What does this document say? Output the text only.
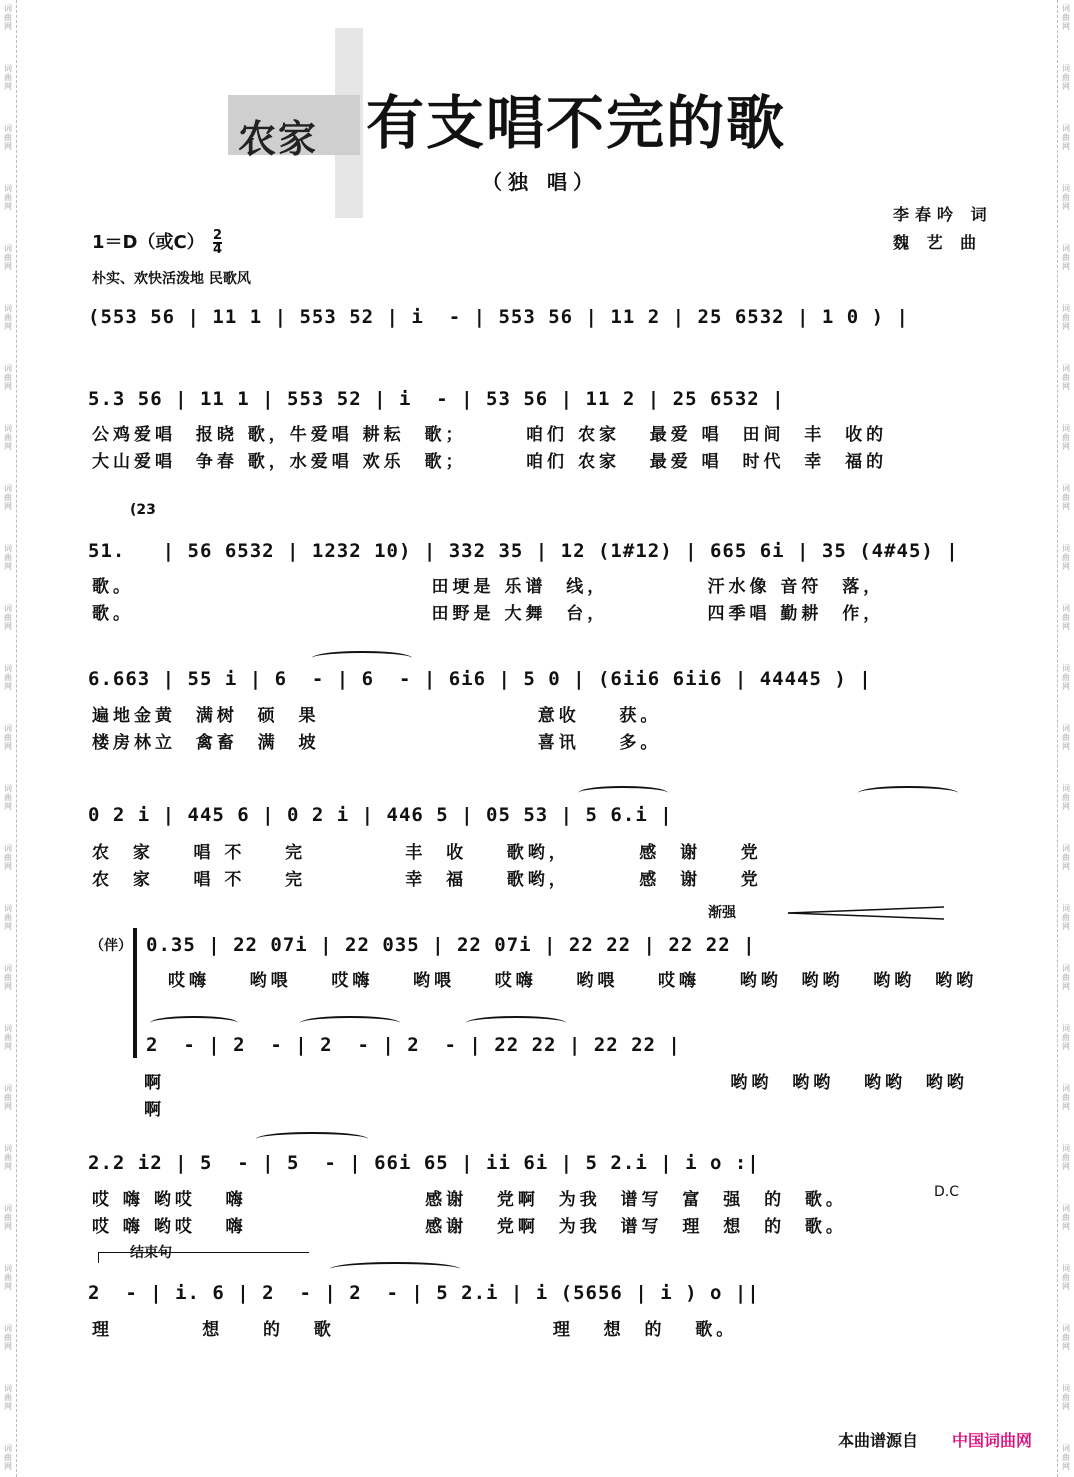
词
曲
网
词
曲
网
词
曲
网
词
曲
网
词
曲
网
词
曲
网
词
曲
网
词
曲
网
词
曲
网
词
曲
网
词
曲
网
词
曲
网
词
曲
网
词
曲
网
词
曲
网
词
曲
网
词
曲
网
词
曲
网
词
曲
网
词
曲
网
词
曲
网
词
曲
网
词
曲
网
词
曲
网
词
曲
网
词
曲
网
词
曲
网
词
曲
网
词
曲
网
词
曲
网
词
曲
网
词
曲
网
词
曲
网
词
曲
网
词
曲
网
词
曲
网
词
曲
网
词
曲
网
词
曲
网
词
曲
网
词
曲
网
词
曲
网
词
曲
网
词
曲
网
词
曲
网
词
曲
网
词
曲
网
词
曲
网
词
曲
网
词
曲
网
农家 有支唱不完的歌
（独 唱）
李春吟 词
魏 艺 曲
1＝D（或$C) \frac{2}{4}$
朴实、欢快活泼地 民歌风
(553 56 | 11 1 | 553 52 | i  - | 553 56 | 11 2 | 25 6532 | 1 0 ) |
5.3 56 | 11 1 | 553 52 | i  - | 53 56 | 11 2 | 25 6532 |
公鸡爱唱  报晓 歌，牛爱唱 耕耘  歌；      咱们 农家   最爱 唱  田间  丰  收的
大山爱唱  争春 歌，水爱唱 欢乐  歌；      咱们 农家   最爱 唱  时代  幸  福的
(23
51.   | 56 6532 | 1232 10) | 332 35 | 12 (1#12) | 665 6i | 35 (4#45) |
歌。                              田埂是 乐谱  线，          汗水像 音符  落，
歌。                              田野是 大舞  台，          四季唱 勤耕  作，
6.663 | 55 i | 6  - | 6  - | 6i6 | 5 0 | (6ii6 6ii6 | 44445 ) |
遍地金黄  满树  硕  果                      意收    获。
楼房林立  禽畜  满  坡                      喜讯    多。
0 2 i | 445 6 | 0 2 i | 446 5 | 05 53 | 5 6.i |
农  家    唱 不    完          丰  收    歌哟，       感  谢    党
农  家    唱 不    完          幸  福    歌哟，       感  谢    党
渐强
（伴） 0.35 | 22 07i | 22 035 | 22 07i | 22 22 | 22 22 |
哎嗨    哟喂    哎嗨    哟喂    哎嗨    哟喂    哎嗨    哟哟  哟哟   哟哟  哟哟
2  - | 2  - | 2  - | 2  - | 22 22 | 22 22 |
啊                                                         哟哟  哟哟   哟哟  哟哟
啊
2.2 i2 | 5  - | 5  - | 66i 65 | ii 6i | 5 2.i | i o :|
哎 嗨 哟哎   嗨                  感谢   党啊  为我  谱写  富  强  的  歌。	D.C
哎 嗨 哟哎   嗨                  感谢   党啊  为我  谱写  理  想  的  歌。
结束句
2  - | i. 6 | 2  - | 2  - | 5 2.i | i (5656 | i ) o ||
理         想    的   歌                      理   想  的   歌。
本曲谱源自 中国词曲网
